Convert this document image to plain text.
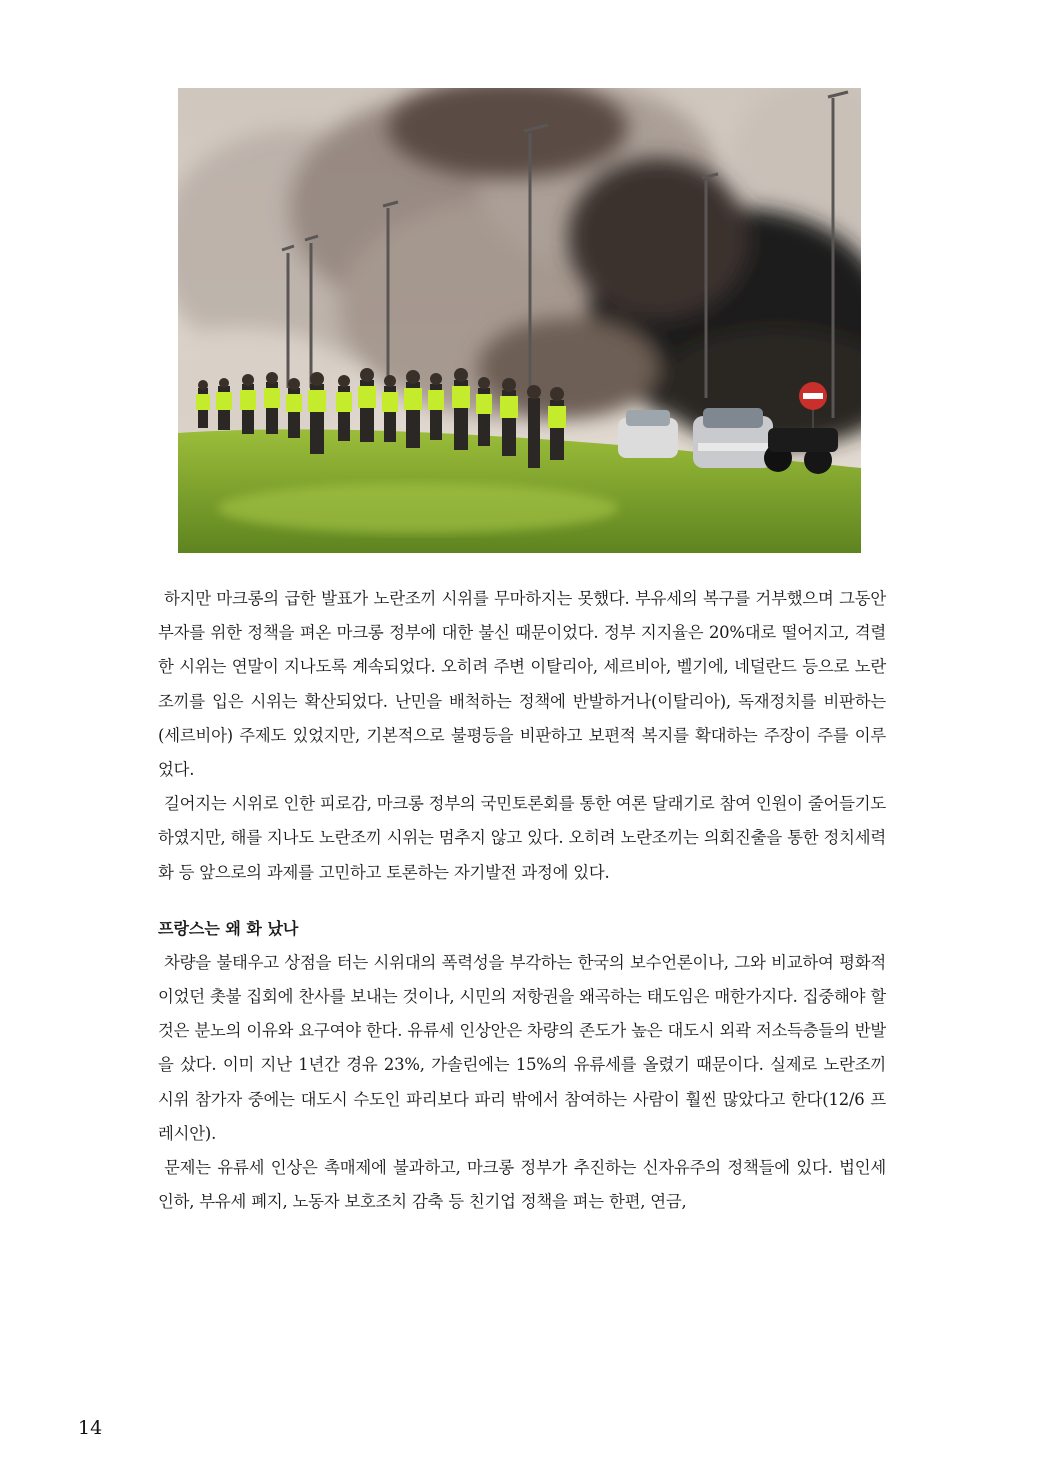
하지만 마크롱의 급한 발표가 노란조끼 시위를 무마하지는 못했다. 부유세의 복구를 거부했으며 그동안 부자를 위한 정책을 펴온 마크롱 정부에 대한 불신 때문이었다. 정부 지지율은 20%대로 떨어지고, 격렬한 시위는 연말이 지나도록 계속되었다. 오히려 주변 이탈리아, 세르비아, 벨기에, 네덜란드 등으로 노란조끼를 입은 시위는 확산되었다. 난민을 배척하는 정책에 반발하거나(이탈리아), 독재정치를 비판하는(세르비아) 주제도 있었지만, 기본적으로 불평등을 비판하고 보편적 복지를 확대하는 주장이 주를 이루었다.

길어지는 시위로 인한 피로감, 마크롱 정부의 국민토론회를 통한 여론 달래기로 참여 인원이 줄어들기도 하였지만, 해를 지나도 노란조끼 시위는 멈추지 않고 있다. 오히려 노란조끼는 의회진출을 통한 정치세력화 등 앞으로의 과제를 고민하고 토론하는 자기발전 과정에 있다.

프랑스는 왜 화 났나

차량을 불태우고 상점을 터는 시위대의 폭력성을 부각하는 한국의 보수언론이나, 그와 비교하여 평화적이었던 촛불 집회에 찬사를 보내는 것이나, 시민의 저항권을 왜곡하는 태도임은 매한가지다. 집중해야 할 것은 분노의 이유와 요구여야 한다. 유류세 인상안은 차량의 존도가 높은 대도시 외곽 저소득층들의 반발을 샀다. 이미 지난 1년간 경유 23%, 가솔린에는 15%의 유류세를 올렸기 때문이다. 실제로 노란조끼 시위 참가자 중에는 대도시 수도인 파리보다 파리 밖에서 참여하는 사람이 훨씬 많았다고 한다(12/6 프레시안).

문제는 유류세 인상은 촉매제에 불과하고, 마크롱 정부가 추진하는 신자유주의 정책들에 있다. 법인세 인하, 부유세 폐지, 노동자 보호조치 감축 등 친기업 정책을 펴는 한편, 연금,

14
